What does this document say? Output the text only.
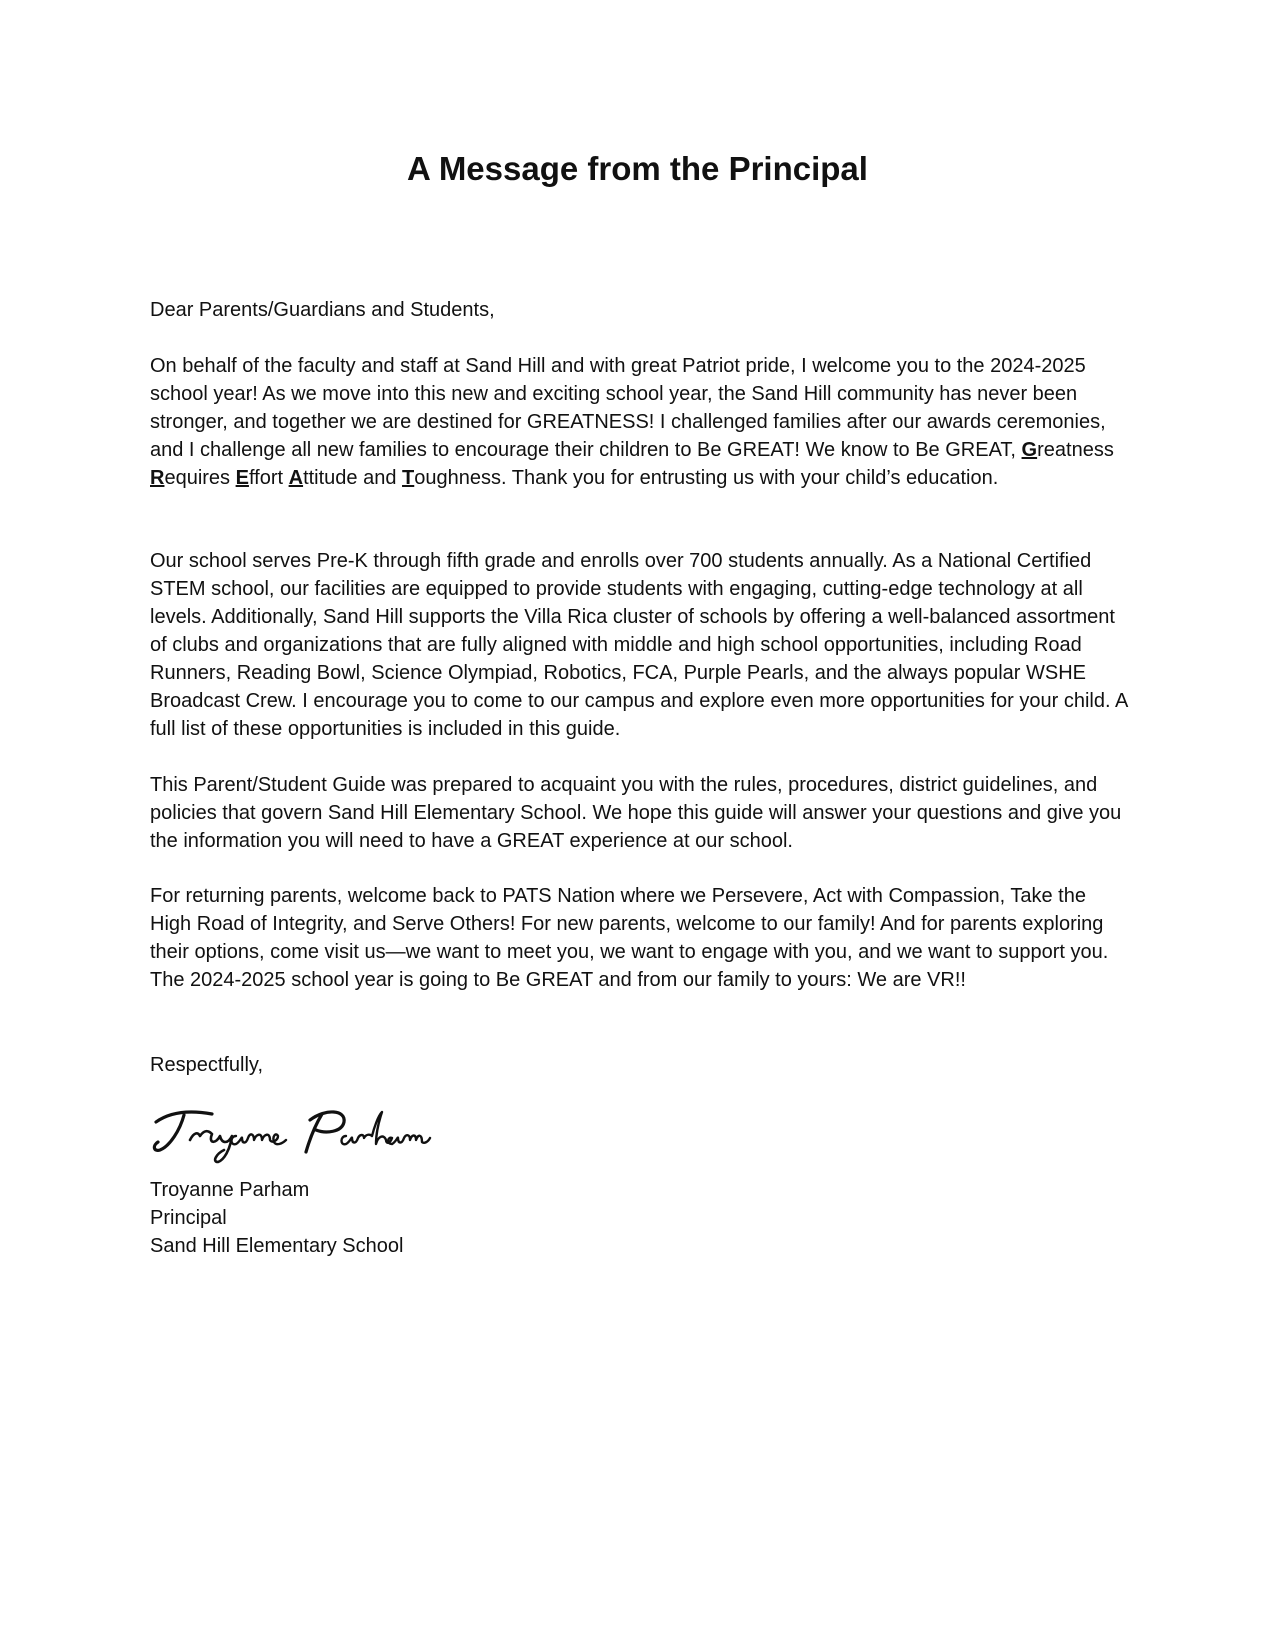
A Message from the Principal

Dear Parents/Guardians and Students,

On behalf of the faculty and staff at Sand Hill and with great Patriot pride, I welcome you to the 2024-2025 school year! As we move into this new and exciting school year, the Sand Hill community has never been stronger, and together we are destined for GREATNESS! I challenged families after our awards ceremonies, and I challenge all new families to encourage their children to Be GREAT! We know to Be GREAT, Greatness Requires Effort Attitude and Toughness. Thank you for entrusting us with your child’s education.

Our school serves Pre-K through fifth grade and enrolls over 700 students annually. As a National Certified STEM school, our facilities are equipped to provide students with engaging, cutting-edge technology at all levels. Additionally, Sand Hill supports the Villa Rica cluster of schools by offering a well-balanced assortment of clubs and organizations that are fully aligned with middle and high school opportunities, including Road Runners, Reading Bowl, Science Olympiad, Robotics, FCA, Purple Pearls, and the always popular WSHE Broadcast Crew. I encourage you to come to our campus and explore even more opportunities for your child. A full list of these opportunities is included in this guide.

This Parent/Student Guide was prepared to acquaint you with the rules, procedures, district guidelines, and policies that govern Sand Hill Elementary School. We hope this guide will answer your questions and give you the information you will need to have a GREAT experience at our school.

For returning parents, welcome back to PATS Nation where we Persevere, Act with Compassion, Take the High Road of Integrity, and Serve Others! For new parents, welcome to our family! And for parents exploring their options, come visit us—we want to meet you, we want to engage with you, and we want to support you. The 2024-2025 school year is going to Be GREAT and from our family to yours: We are VR!!

Respectfully,

Troyanne Parham
Principal
Sand Hill Elementary School
